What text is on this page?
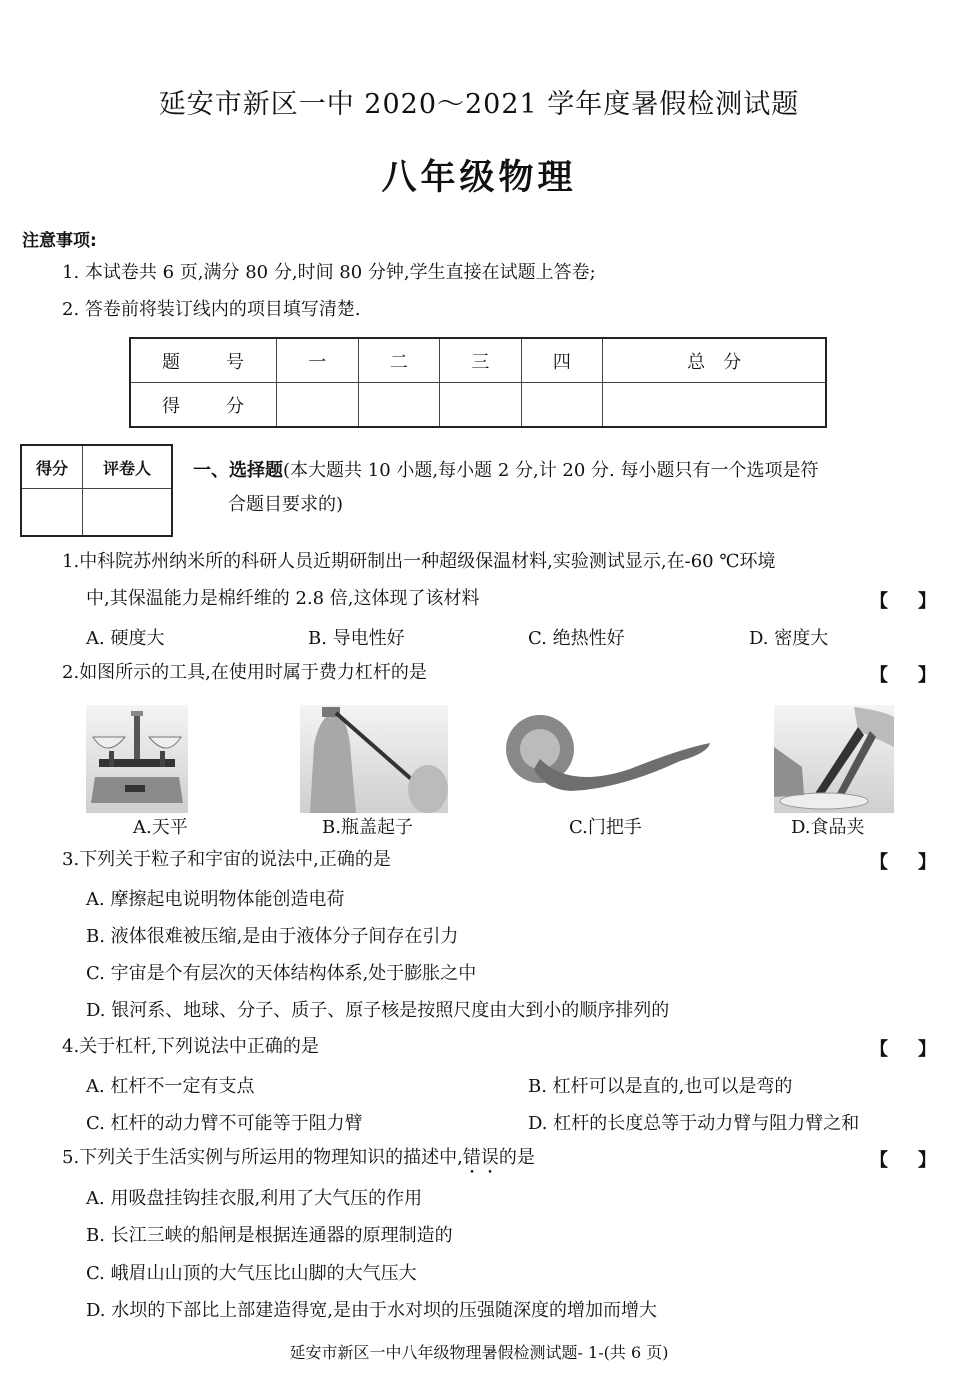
延安市新区一中 2020～2021 学年度暑假检测试题
八年级物理
注意事项:
1. 本试卷共 6 页,满分 80 分,时间 80 分钟,学生直接在试题上答卷;
2. 答卷前将装订线内的项目填写清楚.
题　号	一	二	三	四	总　分
得　分					
得分	评卷人
	一、选择题(本大题共 10 小题,每小题 2 分,计 20 分. 每小题只有一个选项是符
合题目要求的)
1.中科院苏州纳米所的科研人员近期研制出一种超级保温材料,实验测试显示,在-60 ℃环境
中,其保温能力是棉纤维的 2.8 倍,这体现了该材料	【 】
A. 硬度大	B. 导电性好	C. 绝热性好	D. 密度大
2.如图所示的工具,在使用时属于费力杠杆的是	【 】
A.天平	B.瓶盖起子	C.门把手	D.食品夹
3.下列关于粒子和宇宙的说法中,正确的是	【 】
A. 摩擦起电说明物体能创造电荷
B. 液体很难被压缩,是由于液体分子间存在引力
C. 宇宙是个有层次的天体结构体系,处于膨胀之中
D. 银河系、地球、分子、质子、原子核是按照尺度由大到小的顺序排列的
4.关于杠杆,下列说法中正确的是	【 】
A. 杠杆不一定有支点	B. 杠杆可以是直的,也可以是弯的
C. 杠杆的动力臂不可能等于阻力臂	D. 杠杆的长度总等于动力臂与阻力臂之和
5.下列关于生活实例与所运用的物理知识的描述中,错误的是	【 】
A. 用吸盘挂钩挂衣服,利用了大气压的作用
B. 长江三峡的船闸是根据连通器的原理制造的
C. 峨眉山山顶的大气压比山脚的大气压大
D. 水坝的下部比上部建造得宽,是由于水对坝的压强随深度的增加而增大
延安市新区一中八年级物理暑假检测试题- 1-(共 6 页)
